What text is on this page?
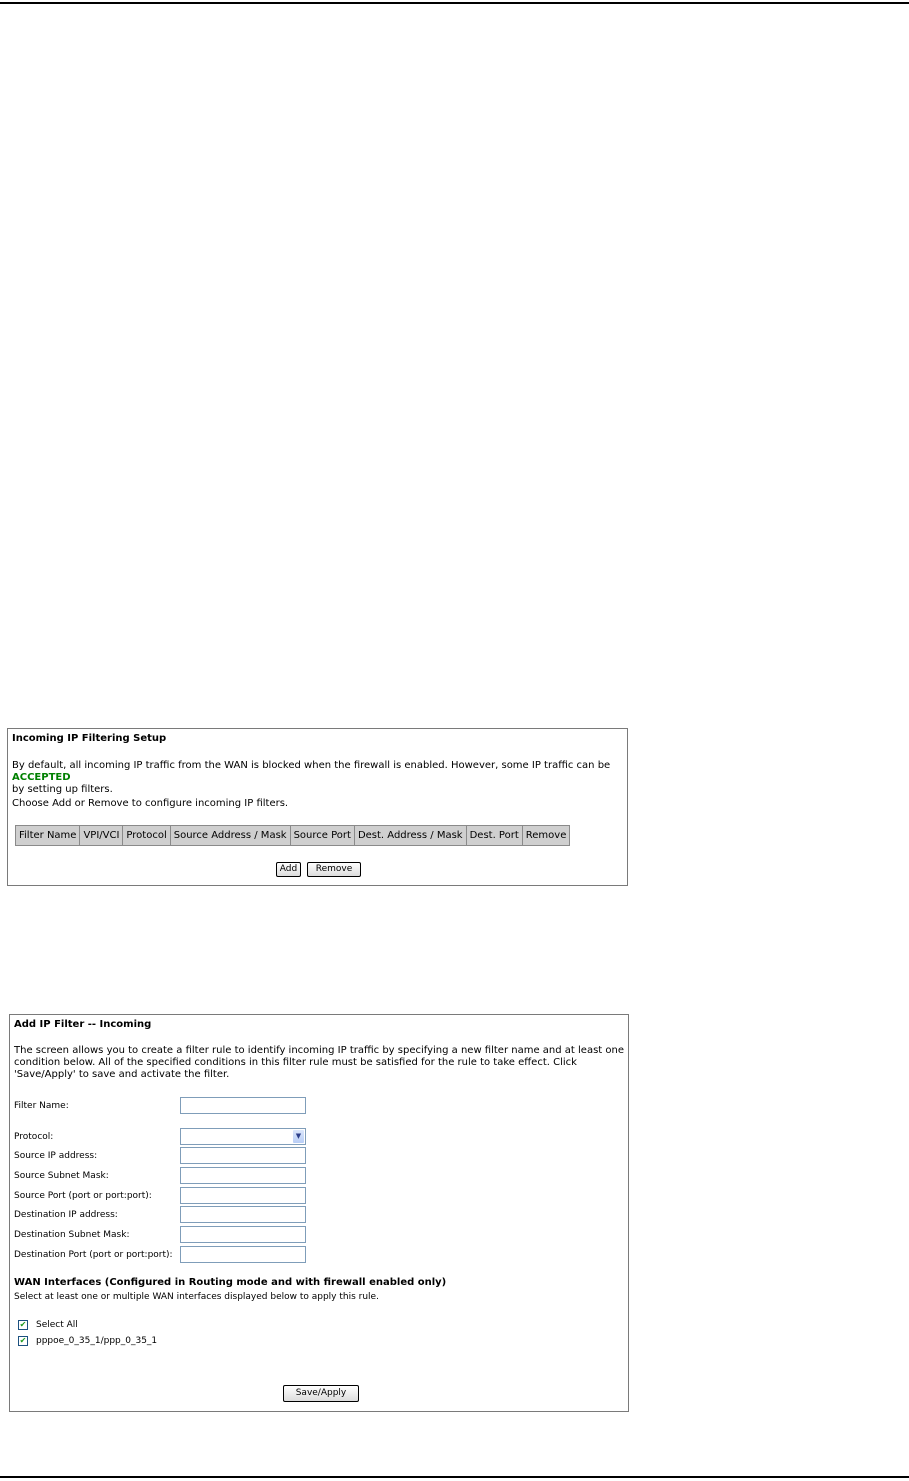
Incoming IP Filtering Setup
By default, all incoming IP traffic from the WAN is blocked when the firewall is enabled. However, some IP traffic can be ACCEPTED
by setting up filters.
Choose Add or Remove to configure incoming IP filters.
Filter Name	VPI/VCI	Protocol	Source Address / Mask	Source Port	Dest. Address / Mask	Dest. Port	Remove
Add	Remove
Add IP Filter -- Incoming
The screen allows you to create a filter rule to identify incoming IP traffic by specifying a new filter name and at least one condition below. All of the specified conditions in this filter rule must be satisfied for the rule to take effect. Click 'Save/Apply' to save and activate the filter.
Filter Name:
Protocol:	▼
Source IP address:
Source Subnet Mask:
Source Port (port or port:port):
Destination IP address:
Destination Subnet Mask:
Destination Port (port or port:port):
WAN Interfaces (Configured in Routing mode and with firewall enabled only)
Select at least one or multiple WAN interfaces displayed below to apply this rule.
✔ Select All
✔ pppoe_0_35_1/ppp_0_35_1
Save/Apply
